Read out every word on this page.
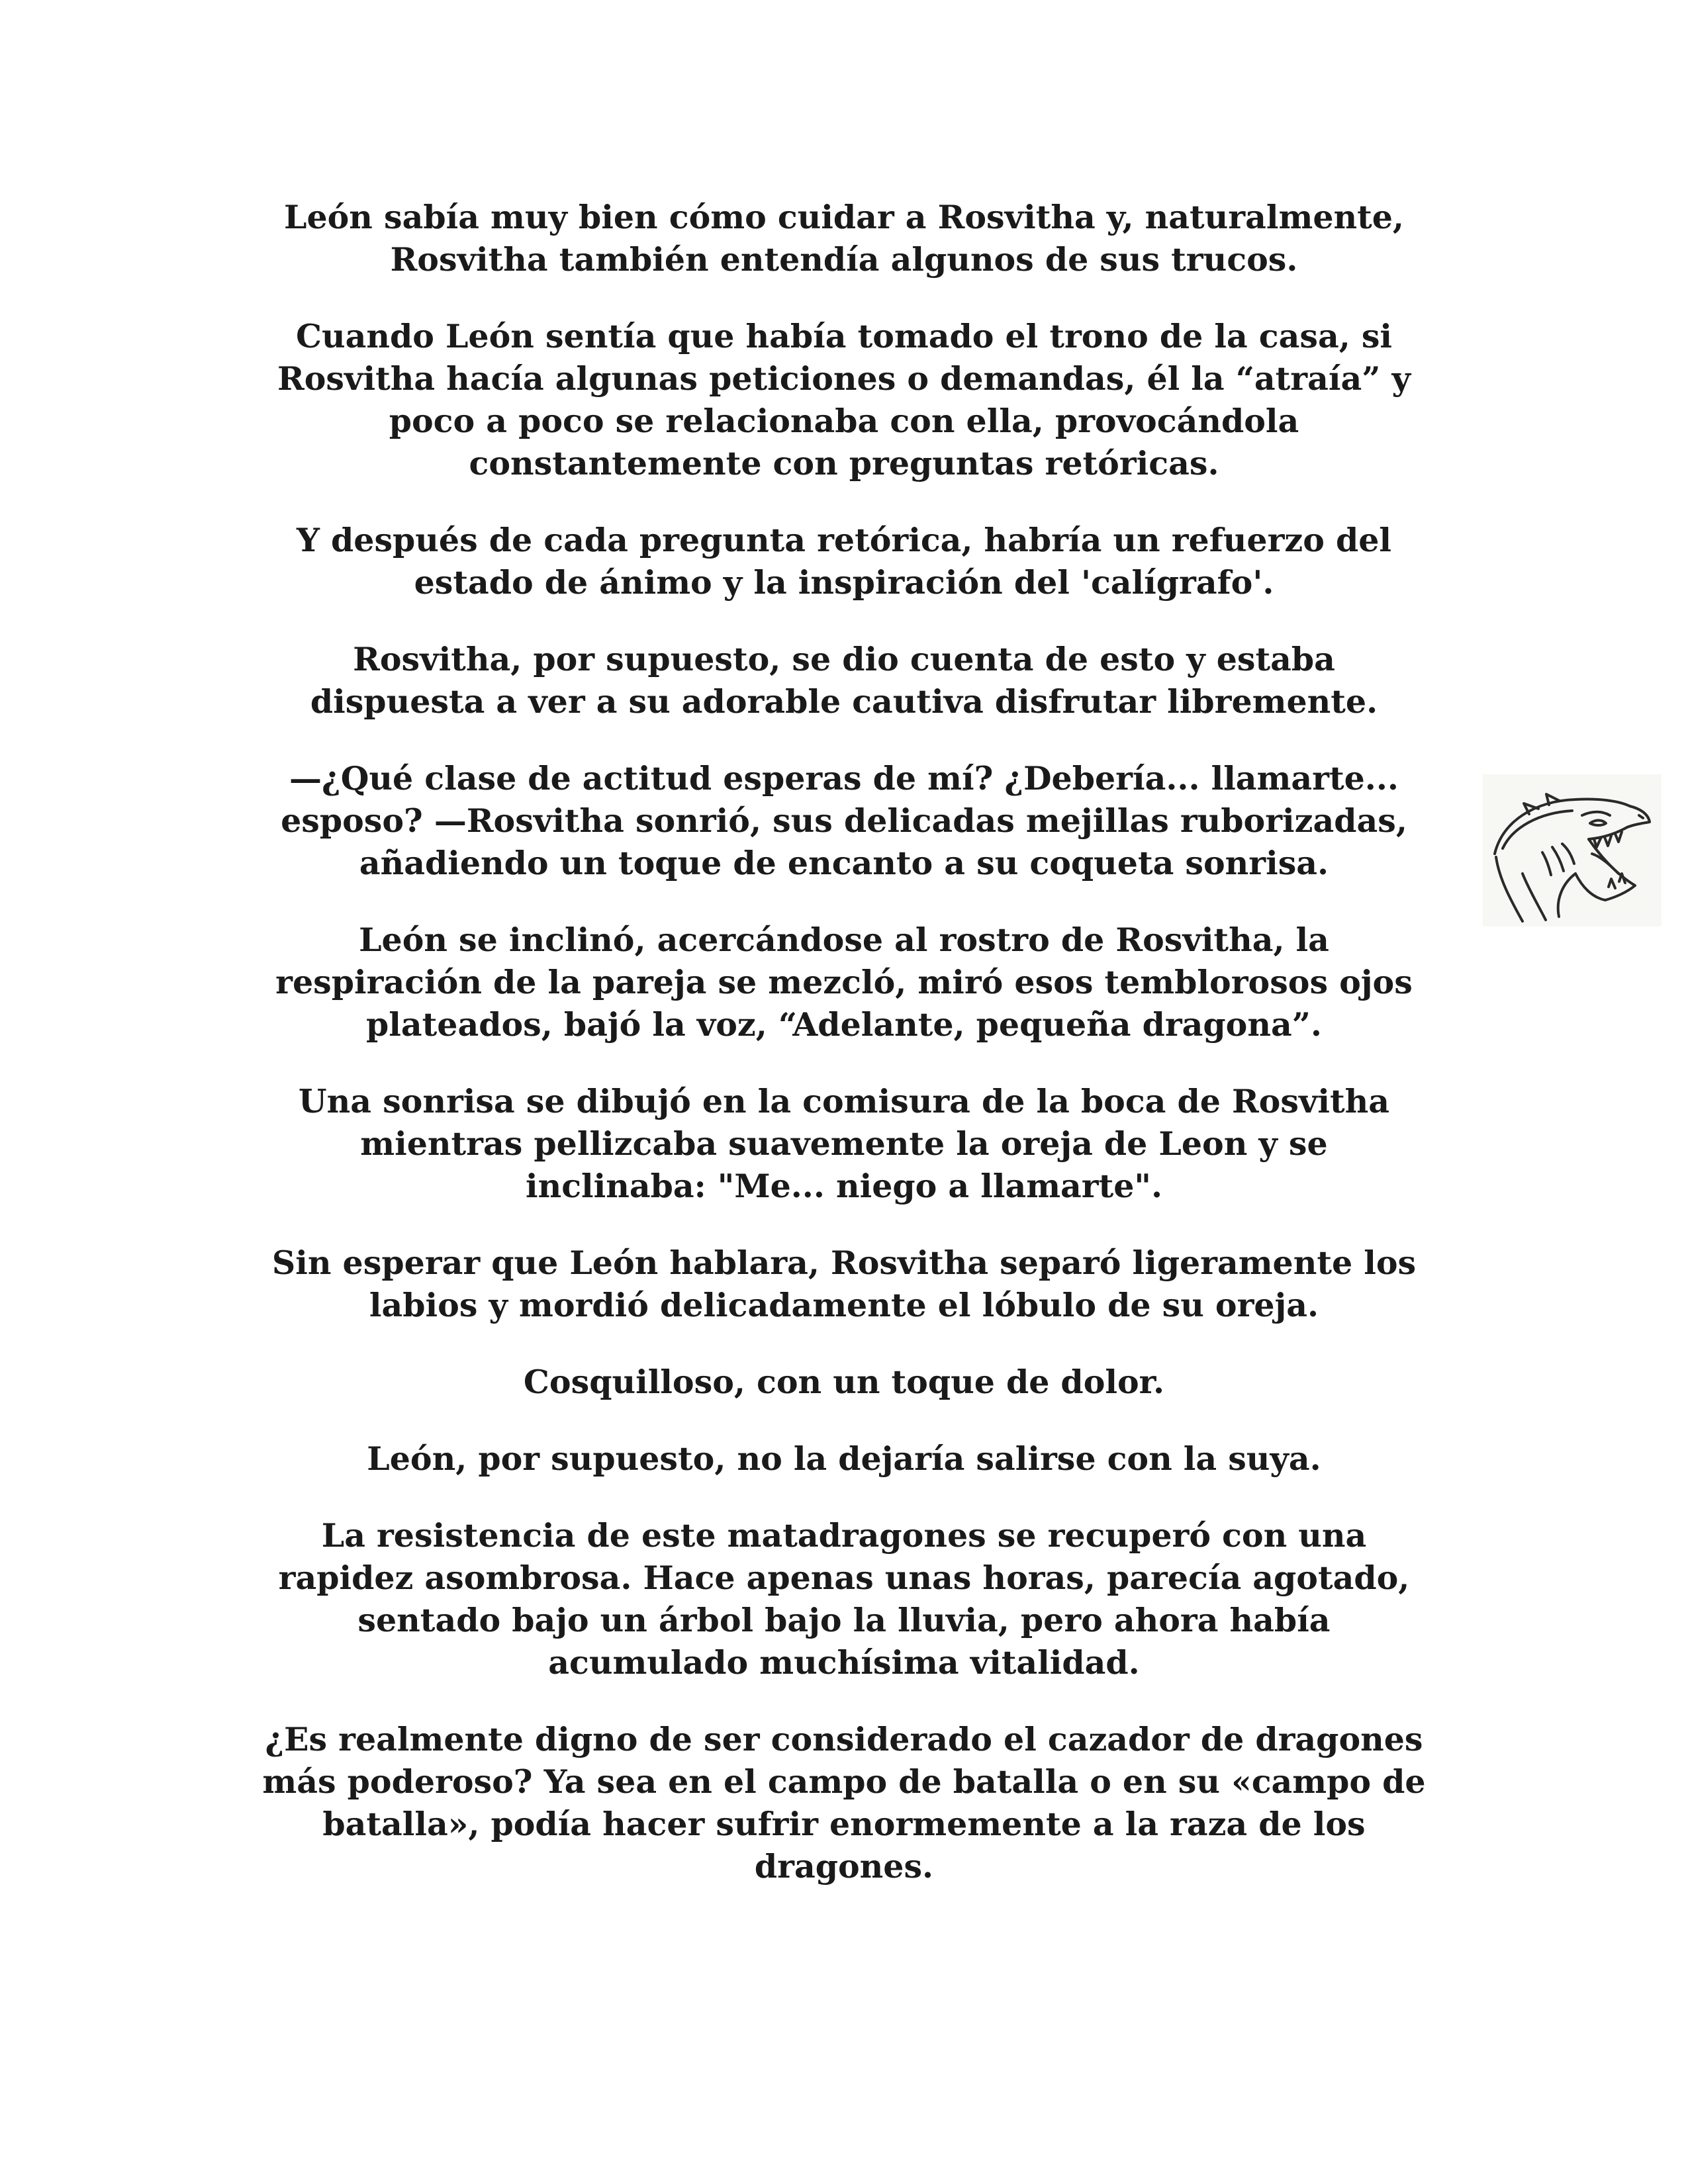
León sabía muy bien cómo cuidar a Rosvitha y, naturalmente,
Rosvitha también entendía algunos de sus trucos.

Cuando León sentía que había tomado el trono de la casa, si
Rosvitha hacía algunas peticiones o demandas, él la “atraía” y
poco a poco se relacionaba con ella, provocándola
constantemente con preguntas retóricas.

Y después de cada pregunta retórica, habría un refuerzo del
estado de ánimo y la inspiración del 'calígrafo'.

Rosvitha, por supuesto, se dio cuenta de esto y estaba
dispuesta a ver a su adorable cautiva disfrutar libremente.

—¿Qué clase de actitud esperas de mí? ¿Debería... llamarte...
esposo? —Rosvitha sonrió, sus delicadas mejillas ruborizadas,
añadiendo un toque de encanto a su coqueta sonrisa.

León se inclinó, acercándose al rostro de Rosvitha, la
respiración de la pareja se mezcló, miró esos temblorosos ojos
plateados, bajó la voz, “Adelante, pequeña dragona”.

Una sonrisa se dibujó en la comisura de la boca de Rosvitha
mientras pellizcaba suavemente la oreja de Leon y se
inclinaba: "Me... niego a llamarte".

Sin esperar que León hablara, Rosvitha separó ligeramente los
labios y mordió delicadamente el lóbulo de su oreja.

Cosquilloso, con un toque de dolor.

León, por supuesto, no la dejaría salirse con la suya.

La resistencia de este matadragones se recuperó con una
rapidez asombrosa. Hace apenas unas horas, parecía agotado,
sentado bajo un árbol bajo la lluvia, pero ahora había
acumulado muchísima vitalidad.

¿Es realmente digno de ser considerado el cazador de dragones
más poderoso? Ya sea en el campo de batalla o en su «campo de
batalla», podía hacer sufrir enormemente a la raza de los
dragones.
